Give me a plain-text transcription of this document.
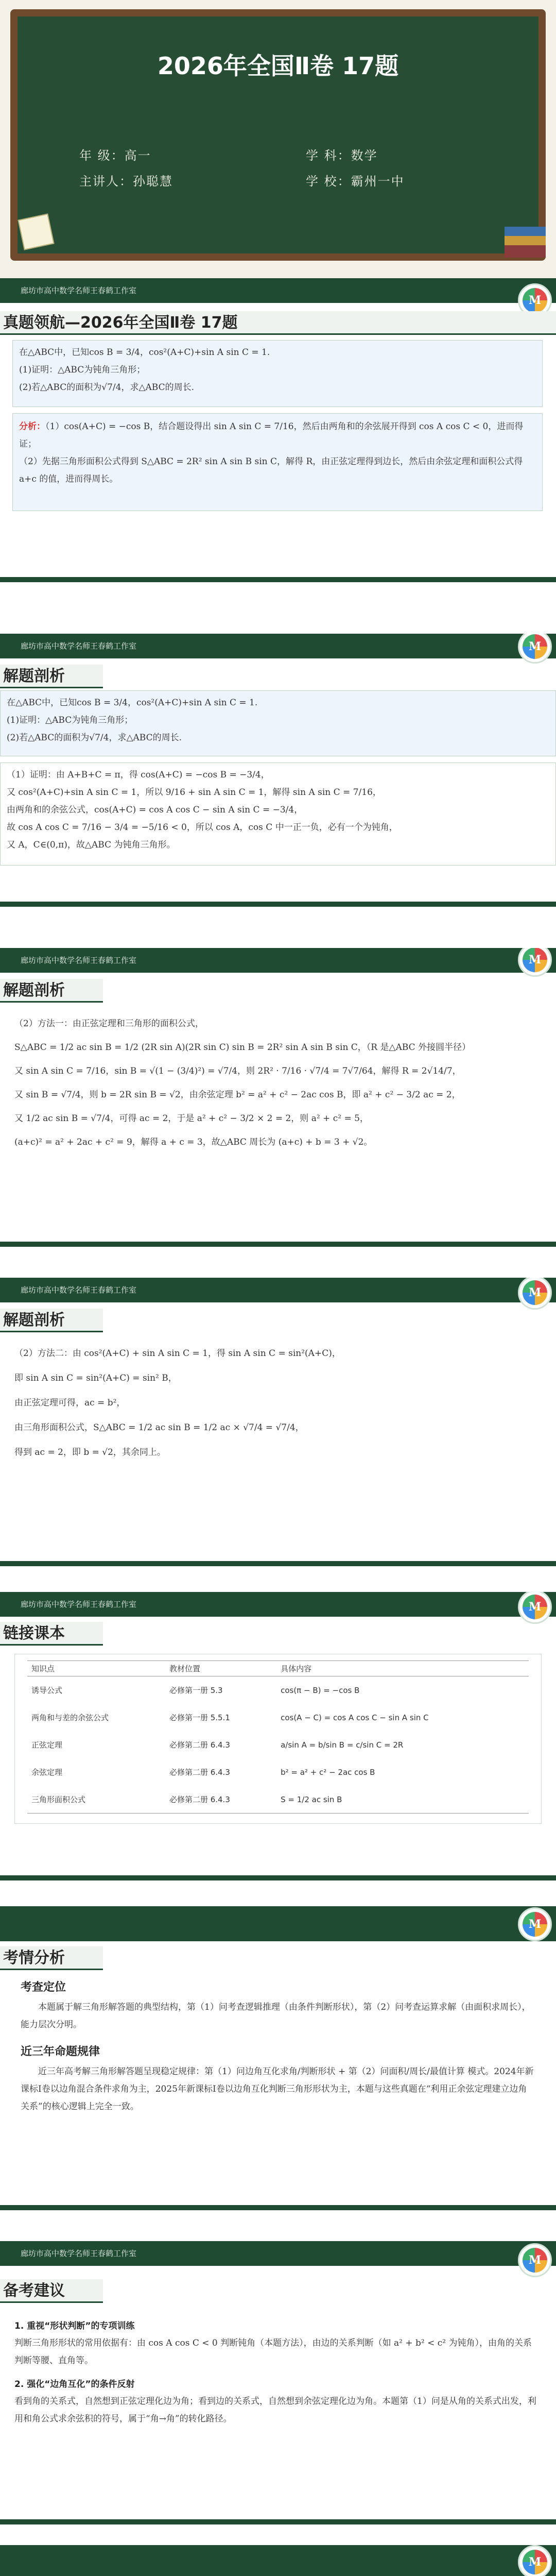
2026年全国Ⅱ卷 17题
年 级：高一	学 科：数学
主讲人：孙聪慧	学 校：霸州一中
廊坊市高中数学名师王春鹤工作室
M
真题领航—2026年全国Ⅱ卷 17题
在△ABC中，已知cos B = 3/4，cos²(A+C)+sin A sin C = 1.
(1)证明：△ABC为钝角三角形；
(2)若△ABC的面积为√7/4，求△ABC的周长.
分析：（1）cos(A+C) = −cos B，结合题设得出 sin A sin C = 7/16，然后由两角和的余弦展开得到 cos A cos C < 0，进而得证；
（2）先据三角形面积公式得到 S△ABC = 2R² sin A sin B sin C，解得 R，由正弦定理得到边长，然后由余弦定理和面积公式得 a+c 的值，进而得周长。
廊坊市高中数学名师王春鹤工作室	M
解题剖析
在△ABC中，已知cos B = 3/4，cos²(A+C)+sin A sin C = 1.
(1)证明：△ABC为钝角三角形；
(2)若△ABC的面积为√7/4，求△ABC的周长.
（1）证明：由 A+B+C = π，得 cos(A+C) = −cos B = −3/4，
又 cos²(A+C)+sin A sin C = 1，所以 9/16 + sin A sin C = 1，解得 sin A sin C = 7/16，
由两角和的余弦公式，cos(A+C) = cos A cos C − sin A sin C = −3/4，
故 cos A cos C = 7/16 − 3/4 = −5/16 < 0，所以 cos A，cos C 中一正一负，必有一个为钝角，
又 A，C∈(0,π)，故△ABC 为钝角三角形。
廊坊市高中数学名师王春鹤工作室	M
解题剖析
（2）方法一：由正弦定理和三角形的面积公式，
S△ABC = 1/2 ac sin B = 1/2 (2R sin A)(2R sin C) sin B = 2R² sin A sin B sin C，（R 是△ABC 外接圆半径）
又 sin A sin C = 7/16，sin B = √(1 − (3/4)²) = √7/4，则 2R² · 7/16 · √7/4 = 7√7/64，解得 R = 2√14/7，
又 sin B = √7/4，则 b = 2R sin B = √2，由余弦定理 b² = a² + c² − 2ac cos B，即 a² + c² − 3/2 ac = 2，
又 1/2 ac sin B = √7/4，可得 ac = 2，于是 a² + c² − 3/2 × 2 = 2，则 a² + c² = 5，
(a+c)² = a² + 2ac + c² = 9，解得 a + c = 3，故△ABC 周长为 (a+c) + b = 3 + √2。
廊坊市高中数学名师王春鹤工作室	M
解题剖析
（2）方法二：由 cos²(A+C) + sin A sin C = 1，得 sin A sin C = sin²(A+C)，
即 sin A sin C = sin²(A+C) = sin² B，
由正弦定理可得，ac = b²，
由三角形面积公式，S△ABC = 1/2 ac sin B = 1/2 ac × √7/4 = √7/4，
得到 ac = 2，即 b = √2，其余同上。
廊坊市高中数学名师王春鹤工作室	M
链接课本
知识点	教材位置	具体内容
诱导公式	必修第一册 5.3	cos(π − B) = −cos B
两角和与差的余弦公式	必修第一册 5.5.1	cos(A − C) = cos A cos C − sin A sin C
正弦定理	必修第二册 6.4.3	a/sin A = b/sin B = c/sin C = 2R
余弦定理	必修第二册 6.4.3	b² = a² + c² − 2ac cos B
三角形面积公式	必修第二册 6.4.3	S = 1/2 ac sin B
M
考情分析
考查定位
本题属于解三角形解答题的典型结构，第（1）问考查逻辑推理（由条件判断形状），第（2）问考查运算求解（由面积求周长），能力层次分明。
近三年命题规律
近三年高考解三角形解答题呈现稳定规律：第（1）问边角互化求角/判断形状 + 第（2）问面积/周长/最值计算 模式。2024年新课标Ⅰ卷以边角混合条件求角为主，2025年新课标Ⅰ卷以边角互化判断三角形形状为主，本题与这些真题在“利用正余弦定理建立边角关系”的核心逻辑上完全一致。
廊坊市高中数学名师王春鹤工作室	M
备考建议
1. 重视“形状判断”的专项训练
判断三角形形状的常用依据有：由 cos A cos C < 0 判断钝角（本题方法），由边的关系判断（如 a² + b² < c² 为钝角），由角的关系判断等腰、直角等。
2. 强化“边角互化”的条件反射
看到角的关系式，自然想到正弦定理化边为角；看到边的关系式，自然想到余弦定理化边为角。本题第（1）问是从角的关系式出发，利用和角公式求余弦积的符号，属于“角→角”的转化路径。
M
